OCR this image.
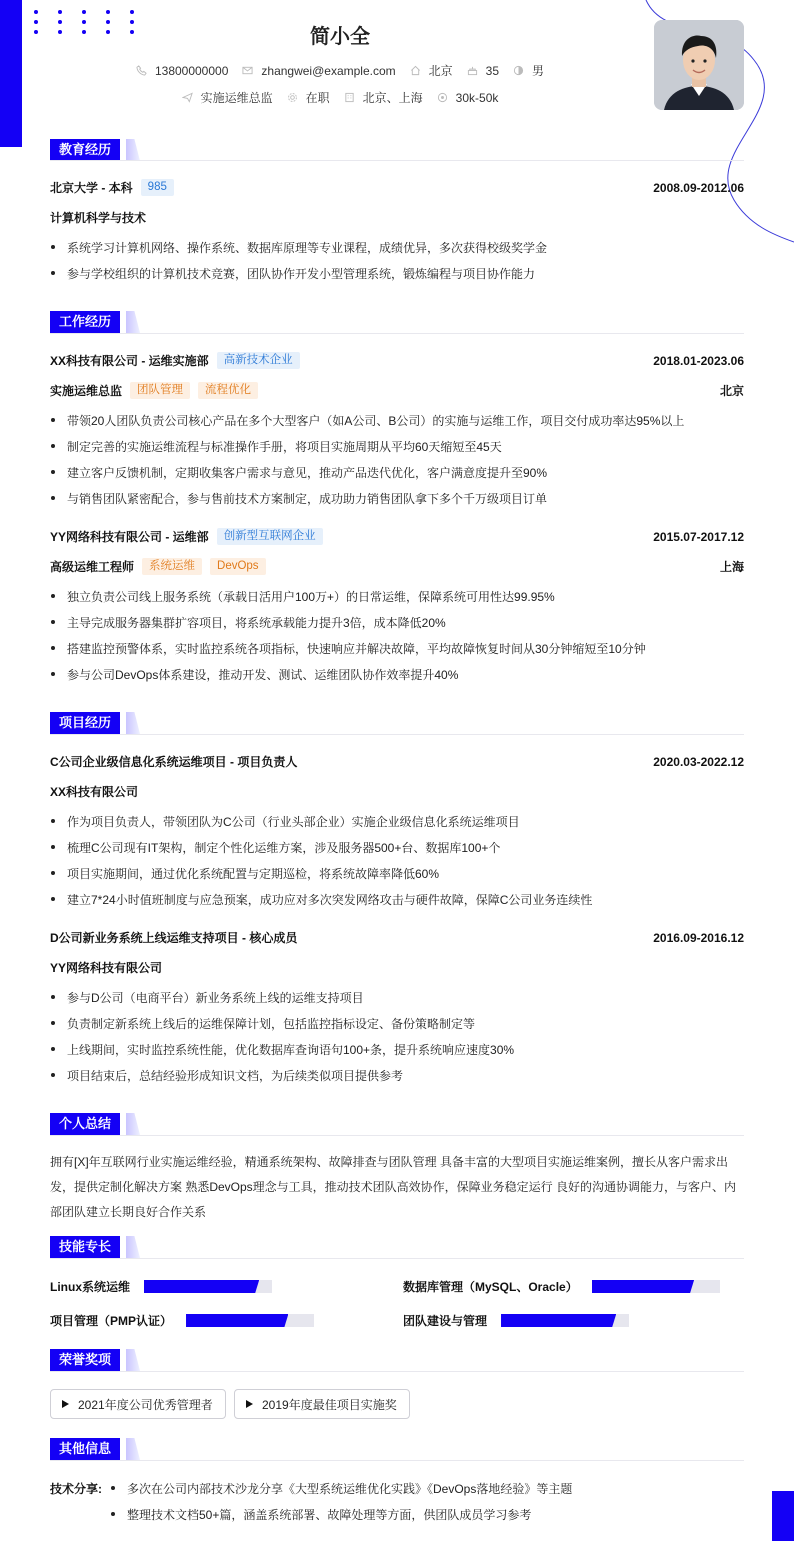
简小全
13800000000	zhangwei@example.com	北京	35	男
实施运维总监	在职	北京、上海	30k-50k
教育经历
北京大学 - 本科	985	2008.09-2012.06
计算机科学与技术
系统学习计算机网络、操作系统、数据库原理等专业课程，成绩优异，多次获得校级奖学金
参与学校组织的计算机技术竞赛，团队协作开发小型管理系统，锻炼编程与项目协作能力
工作经历
XX科技有限公司 - 运维实施部	高新技术企业	2018.01-2023.06
实施运维总监	团队管理	流程优化	北京
带领20人团队负责公司核心产品在多个大型客户（如A公司、B公司）的实施与运维工作，项目交付成功率达95%以上
制定完善的实施运维流程与标准操作手册，将项目实施周期从平均60天缩短至45天
建立客户反馈机制，定期收集客户需求与意见，推动产品迭代优化，客户满意度提升至90%
与销售团队紧密配合，参与售前技术方案制定，成功助力销售团队拿下多个千万级项目订单
YY网络科技有限公司 - 运维部	创新型互联网企业	2015.07-2017.12
高级运维工程师	系统运维	DevOps	上海
独立负责公司线上服务系统（承载日活用户100万+）的日常运维，保障系统可用性达99.95%
主导完成服务器集群扩容项目，将系统承载能力提升3倍，成本降低20%
搭建监控预警体系，实时监控系统各项指标，快速响应并解决故障，平均故障恢复时间从30分钟缩短至10分钟
参与公司DevOps体系建设，推动开发、测试、运维团队协作效率提升40%
项目经历
C公司企业级信息化系统运维项目 - 项目负责人	2020.03-2022.12
XX科技有限公司
作为项目负责人，带领团队为C公司（行业头部企业）实施企业级信息化系统运维项目
梳理C公司现有IT架构，制定个性化运维方案，涉及服务器500+台、数据库100+个
项目实施期间，通过优化系统配置与定期巡检，将系统故障率降低60%
建立7*24小时值班制度与应急预案，成功应对多次突发网络攻击与硬件故障，保障C公司业务连续性
D公司新业务系统上线运维支持项目 - 核心成员	2016.09-2016.12
YY网络科技有限公司
参与D公司（电商平台）新业务系统上线的运维支持项目
负责制定新系统上线后的运维保障计划，包括监控指标设定、备份策略制定等
上线期间，实时监控系统性能，优化数据库查询语句100+条，提升系统响应速度30%
项目结束后，总结经验形成知识文档，为后续类似项目提供参考
个人总结
拥有[X]年互联网行业实施运维经验，精通系统架构、故障排查与团队管理 具备丰富的大型项目实施运维案例，擅长从客户需求出发，提供定制化解决方案 熟悉DevOps理念与工具，推动技术团队高效协作，保障业务稳定运行 良好的沟通协调能力，与客户、内部团队建立长期良好合作关系
技能专长
Linux系统运维	数据库管理（MySQL、Oracle）
项目管理（PMP认证）	团队建设与管理
荣誉奖项
2021年度公司优秀管理者	2019年度最佳项目实施奖
其他信息
技术分享:	多次在公司内部技术沙龙分享《大型系统运维优化实践》《DevOps落地经验》等主题
整理技术文档50+篇，涵盖系统部署、故障处理等方面，供团队成员学习参考
